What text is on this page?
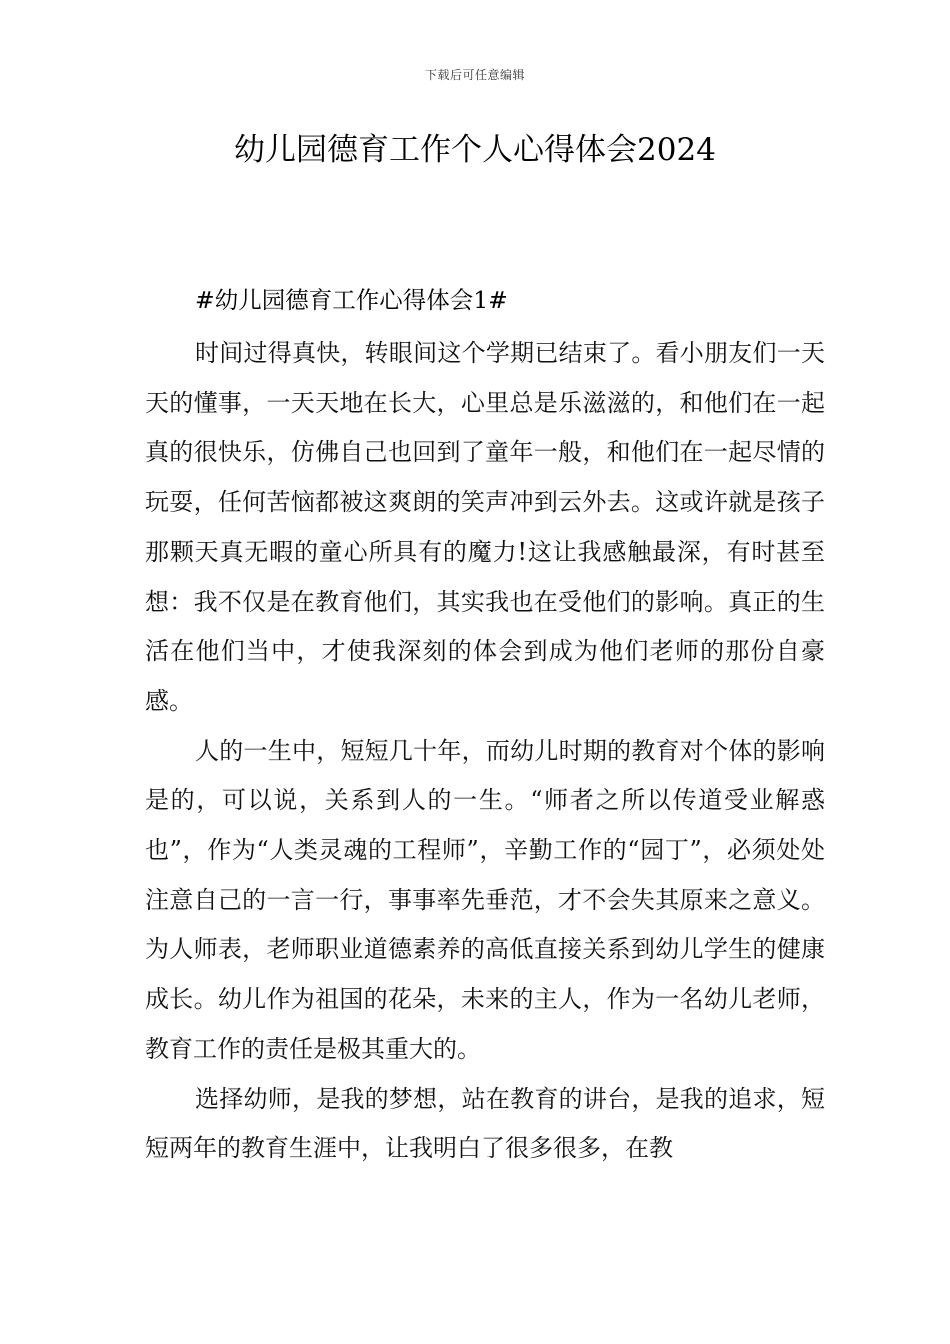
下载后可任意编辑
幼儿园德育工作个人心得体会2024

#幼儿园德育工作心得体会1#

时间过得真快，转眼间这个学期已结束了。看小朋友们一天天的懂事，一天天地在长大，心里总是乐滋滋的，和他们在一起真的很快乐，仿佛自己也回到了童年一般，和他们在一起尽情的玩耍，任何苦恼都被这爽朗的笑声冲到云外去。这或许就是孩子那颗天真无暇的童心所具有的魔力!这让我感触最深，有时甚至想：我不仅是在教育他们，其实我也在受他们的影响。真正的生活在他们当中，才使我深刻的体会到成为他们老师的那份自豪感。

人的一生中，短短几十年，而幼儿时期的教育对个体的影响是的，可以说，关系到人的一生。“师者之所以传道受业解惑也”，作为“人类灵魂的工程师”，辛勤工作的“园丁”，必须处处注意自己的一言一行，事事率先垂范，才不会失其原来之意义。为人师表，老师职业道德素养的高低直接关系到幼儿学生的健康成长。幼儿作为祖国的花朵，未来的主人，作为一名幼儿老师，教育工作的责任是极其重大的。

选择幼师，是我的梦想，站在教育的讲台，是我的追求，短短两年的教育生涯中，让我明白了很多很多，在教
